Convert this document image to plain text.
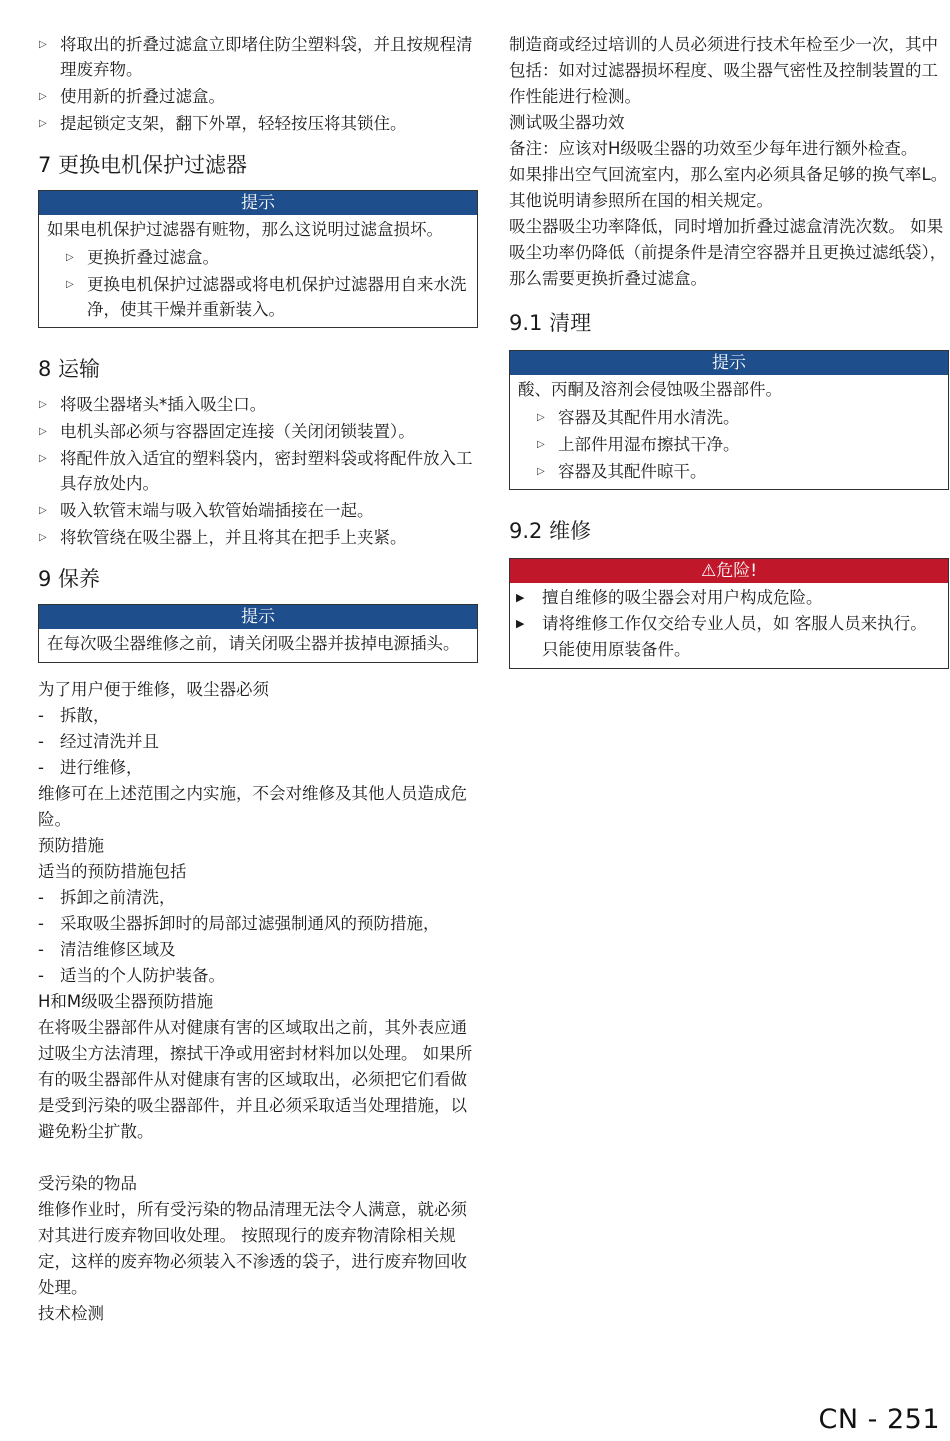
▷ 将取出的折叠过滤盒立即堵住防尘塑料袋，并且按规程清理废弃物。
▷ 使用新的折叠过滤盒。
▷ 提起锁定支架，翻下外罩，轻轻按压将其锁住。
7 更换电机保护过滤器
提示

如果电机保护过滤器有赃物，那么这说明过滤盒损坏。

▷ 更换折叠过滤盒。
▷ 更换电机保护过滤器或将电机保护过滤器用自来水洗净，使其干燥并重新装入。
8 运输
▷ 将吸尘器堵头*插入吸尘口。
▷ 电机头部必须与容器固定连接（关闭闭锁装置）。
▷ 将配件放入适宜的塑料袋内，密封塑料袋或将配件放入工具存放处内。
▷ 吸入软管末端与吸入软管始端插接在一起。
▷ 将软管绕在吸尘器上，并且将其在把手上夹紧。
9 保养
提示

在每次吸尘器维修之前，请关闭吸尘器并拔掉电源插头。

为了用户便于维修，吸尘器必须

- 拆散，
- 经过清洗并且
- 进行维修，

维修可在上述范围之内实施，不会对维修及其他人员造成危险。

预防措施

适当的预防措施包括

- 拆卸之前清洗，
- 采取吸尘器拆卸时的局部过滤强制通风的预防措施，
- 清洁维修区域及
- 适当的个人防护装备。

H和M级吸尘器预防措施

在将吸尘器部件从对健康有害的区域取出之前，其外表应通过吸尘方法清理，擦拭干净或用密封材料加以处理。 如果所有的吸尘器部件从对健康有害的区域取出，必须把它们看做是受到污染的吸尘器部件，并且必须采取适当处理措施，以避免粉尘扩散。

受污染的物品

维修作业时，所有受污染的物品清理无法令人满意，就必须对其进行废弃物回收处理。 按照现行的废弃物清除相关规定，这样的废弃物必须装入不渗透的袋子，进行废弃物回收处理。

技术检测

制造商或经过培训的人员必须进行技术年检至少一次，其中包括：如对过滤器损坏程度、吸尘器气密性及控制装置的工作性能进行检测。

测试吸尘器功效

备注：应该对H级吸尘器的功效至少每年进行额外检查。

如果排出空气回流室内，那么室内必须具备足够的换气率L。 其他说明请参照所在国的相关规定。

吸尘器吸尘功率降低，同时增加折叠过滤盒清洗次数。 如果吸尘功率仍降低（前提条件是清空容器并且更换过滤纸袋），那么需要更换折叠过滤盒。

9.1 清理
提示

酸、丙酮及溶剂会侵蚀吸尘器部件。

▷ 容器及其配件用水清洗。
▷ 上部件用湿布擦拭干净。
▷ 容器及其配件晾干。
9.2 维修
⚠危险!
▶ 擅自维修的吸尘器会对用户构成危险。
▶ 请将维修工作仅交给专业人员，如 客服人员来执行。 只能使用原装备件。
CN - 251
